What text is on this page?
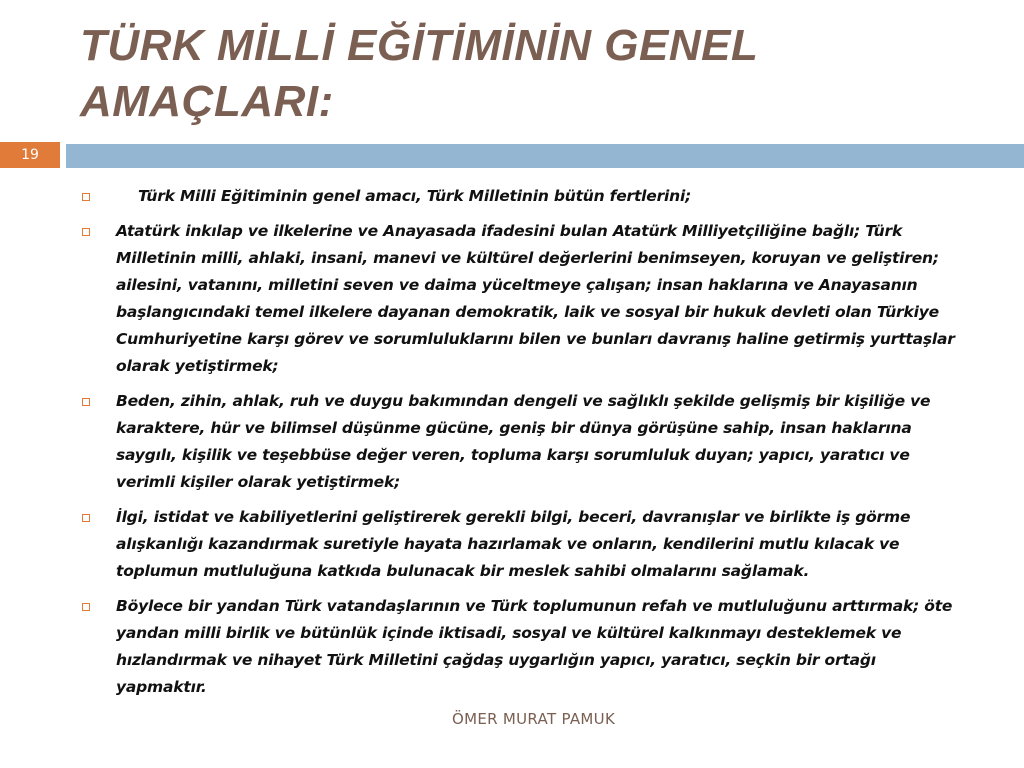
TÜRK MİLLİ EĞİTİMİNİN GENEL AMAÇLARI:
19
Türk Milli Eğitiminin genel amacı, Türk Milletinin bütün fertlerini;
Atatürk inkılap ve ilkelerine ve Anayasada ifadesini bulan Atatürk Milliyetçiliğine bağlı; Türk Milletinin milli, ahlaki, insani, manevi ve kültürel değerlerini benimseyen, koruyan ve geliştiren; ailesini, vatanını, milletini seven ve daima yüceltmeye çalışan; insan haklarına ve Anayasanın başlangıcındaki temel ilkelere dayanan demokratik, laik ve sosyal bir hukuk devleti olan Türkiye Cumhuriyetine karşı görev ve sorumluluklarını bilen ve bunları davranış haline getirmiş yurttaşlar olarak yetiştirmek;
Beden, zihin, ahlak, ruh ve duygu bakımından dengeli ve sağlıklı şekilde gelişmiş bir kişiliğe ve karaktere, hür ve bilimsel düşünme gücüne, geniş bir dünya görüşüne sahip, insan haklarına saygılı, kişilik ve teşebbüse değer veren, topluma karşı sorumluluk duyan; yapıcı, yaratıcı ve verimli kişiler olarak yetiştirmek;
İlgi, istidat ve kabiliyetlerini geliştirerek gerekli bilgi, beceri, davranışlar ve birlikte iş görme alışkanlığı kazandırmak suretiyle hayata hazırlamak ve onların, kendilerini mutlu kılacak ve toplumun mutluluğuna katkıda bulunacak bir meslek sahibi olmalarını sağlamak.
Böylece bir yandan Türk vatandaşlarının ve Türk toplumunun refah ve mutluluğunu arttırmak; öte yandan milli birlik ve bütünlük içinde iktisadi, sosyal ve kültürel kalkınmayı desteklemek ve hızlandırmak ve nihayet Türk Milletini çağdaş uygarlığın yapıcı, yaratıcı, seçkin bir ortağı yapmaktır.
ÖMER MURAT PAMUK
